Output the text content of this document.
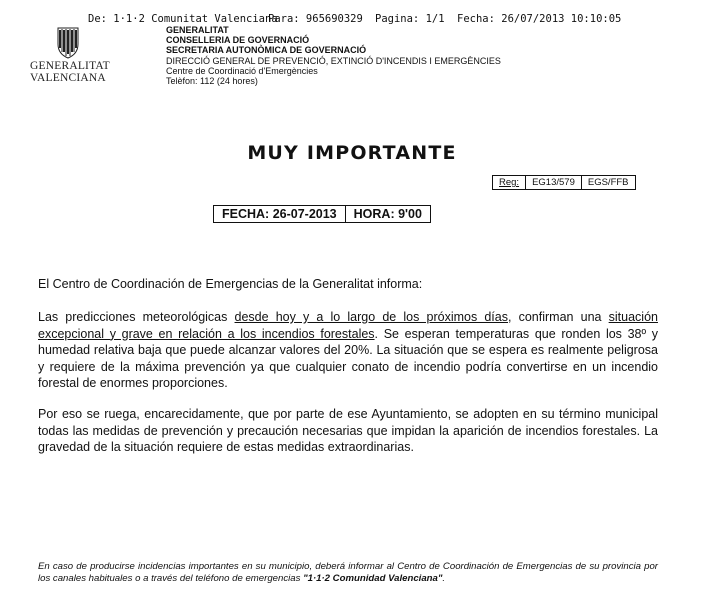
De: 1·1·2 Comunitat Valenciana
Para: 965690329 Pagina: 1/1 Fecha: 26/07/2013 10:10:05
GENERALITAT
VALENCIANA
GENERALITAT
CONSELLERIA DE GOVERNACIÓ
SECRETARIA AUTONÒMICA DE GOVERNACIÓ
DIRECCIÓ GENERAL DE PREVENCIÓ, EXTINCIÓ D'INCENDIS I EMERGÈNCIES
Centre de Coordinació d'Emergències
Telèfon: 112 (24 hores)
MUY IMPORTANTE
Reg:	EG13/579	EGS/FFB
FECHA: 26-07-2013	HORA: 9'00
El Centro de Coordinación de Emergencias de la Generalitat informa:
Las predicciones meteorológicas desde hoy y a lo largo de los próximos días, confirman una situación excepcional y grave en relación a los incendios forestales. Se esperan temperaturas que ronden los 38º y humedad relativa baja que puede alcanzar valores del 20%. La situación que se espera es realmente peligrosa y requiere de la máxima prevención ya que cualquier conato de incendio podría convertirse en un incendio forestal de enormes proporciones.
Por eso se ruega, encarecidamente, que por parte de ese Ayuntamiento, se adopten en su término municipal todas las medidas de prevención y precaución necesarias que impidan la aparición de incendios forestales. La gravedad de la situación requiere de estas medidas extraordinarias.
En caso de producirse incidencias importantes en su municipio, deberá informar al Centro de Coordinación de Emergencias de su provincia por los canales habituales o a través del teléfono de emergencias "1·1·2 Comunidad Valenciana".
